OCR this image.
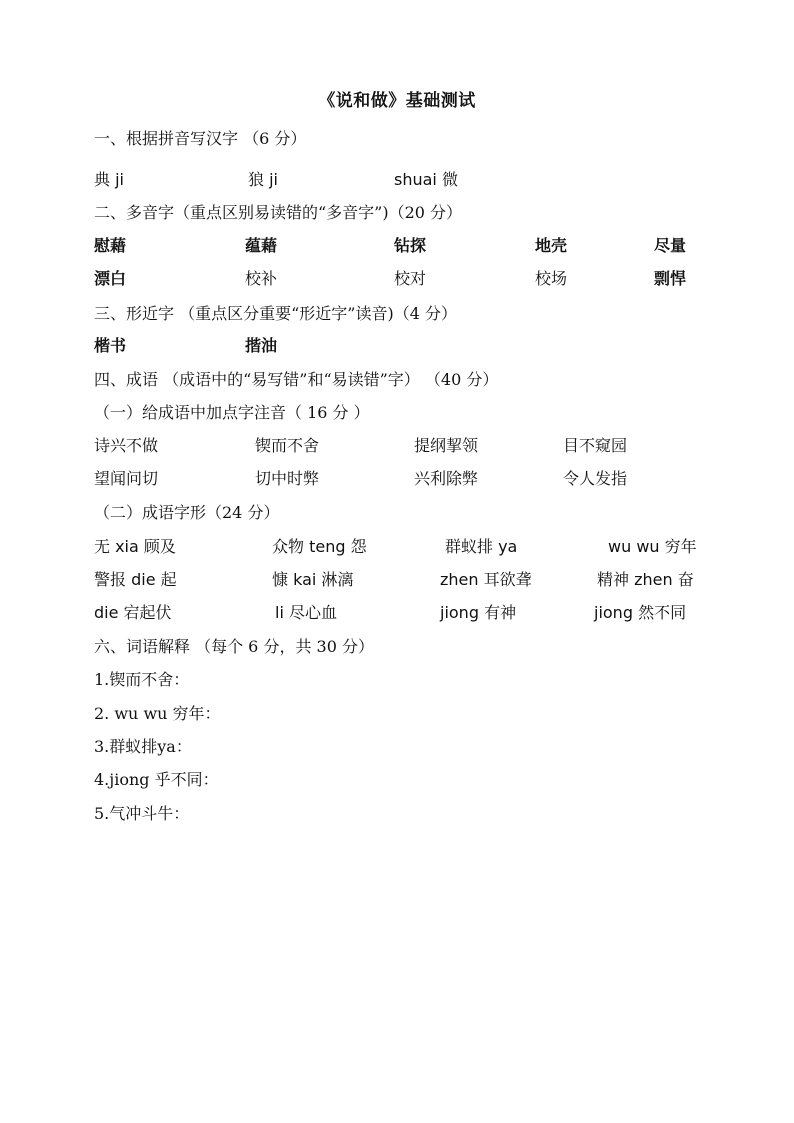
《说和做》基础测试
一、根据拼音写汉字 （6 分）
典 ji	狼 ji	shuai 微
二、多音字（重点区别易读错的“多音字”)（20 分）
慰藉	蕴藉	钻探	地壳	尽量
漂白	校补	校对	校场	剽悍
三、形近字 （重点区分重要“形近字”读音)（4 分）
楷书	揩油
四、成语 （成语中的“易写错”和“易读错”字） （40 分）
（一）给成语中加点字注音（ 16 分 ）
诗兴不做	锲而不舍	提纲挈领	目不窥园
望闻问切	切中时弊	兴利除弊	令人发指
（二）成语字形（24 分）
无 xia 顾及	众物 teng 怨	群蚁排 ya	wu wu 穷年
警报 die 起	慷 kai 淋漓	zhen 耳欲聋	精神 zhen 奋
die 宕起伏	li 尽心血	jiong 有神	jiong 然不同
六、词语解释 （每个 6 分，共 30 分）
1.锲而不舍：
2. wu wu 穷年：
3.群蚁排ya：
4.jiong 乎不同：
5.气冲斗牛：
